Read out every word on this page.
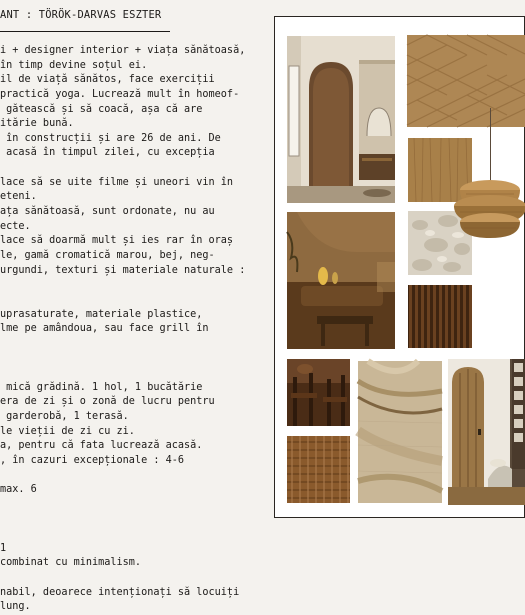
ANT : TÖRÖK-DARVAS ESZTER

i + designer interior + viața sănătoasă,
în timp devine soțul ei.
il de viață sănătos, face exerciții
practică yoga. Lucrează mult în homeof-
gătească și să coacă, așa că are
itărie bună.
în construcții și are 26 de ani. De
acasă în timpul zilei, cu excepția
lace să se uite filme și uneori vin în
eteni.
ața sănătoasă, sunt ordonate, nu au
ecte.
lace să doarmă mult și ies rar în oraș
le, gamă cromatică marou, bej, neg-
urgundi, texturi și materiale naturale :
uprasaturate, materiale plastice,
lme pe amândoua, sau face grill în
mică grădină. 1 hol, 1 bucătărie
era de zi și o zonă de lucru pentru
garderobă, 1 terasă.
le vieții de zi cu zi.
a, pentru că fata lucrează acasă.
, în cazuri excepționale : 4-6
max. 6
1
combinat cu minimalism.
nabil, deoarece intenționați să locuiți
lung.
